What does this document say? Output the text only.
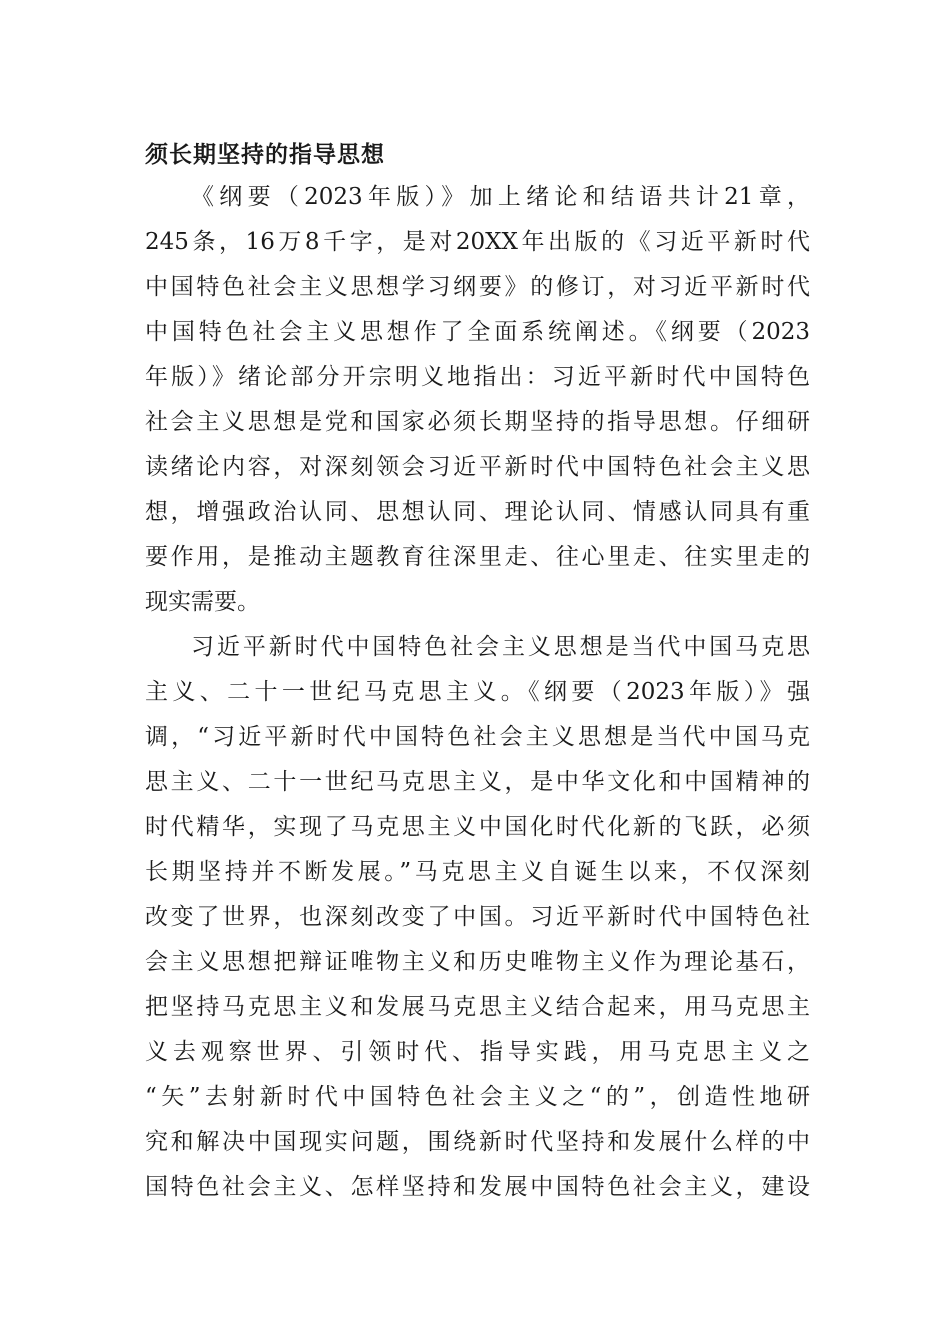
须长期坚持的指导思想
《纲要（2023年版）》加上绪论和结语共计21章，
245条，16万8千字，是对20XX年出版的《习近平新时代
中国特色社会主义思想学习纲要》的修订，对习近平新时代
中国特色社会主义思想作了全面系统阐述。《纲要（2023
年版）》绪论部分开宗明义地指出：习近平新时代中国特色
社会主义思想是党和国家必须长期坚持的指导思想。仔细研
读绪论内容，对深刻领会习近平新时代中国特色社会主义思
想，增强政治认同、思想认同、理论认同、情感认同具有重
要作用，是推动主题教育往深里走、往心里走、往实里走的
现实需要。
习近平新时代中国特色社会主义思想是当代中国马克思
主义、二十一世纪马克思主义。《纲要（2023年版）》强
调，“习近平新时代中国特色社会主义思想是当代中国马克
思主义、二十一世纪马克思主义，是中华文化和中国精神的
时代精华，实现了马克思主义中国化时代化新的飞跃，必须
长期坚持并不断发展。”马克思主义自诞生以来，不仅深刻
改变了世界，也深刻改变了中国。习近平新时代中国特色社
会主义思想把辩证唯物主义和历史唯物主义作为理论基石，
把坚持马克思主义和发展马克思主义结合起来，用马克思主
义去观察世界、引领时代、指导实践，用马克思主义之
“矢”去射新时代中国特色社会主义之“的”，创造性地研
究和解决中国现实问题，围绕新时代坚持和发展什么样的中
国特色社会主义、怎样坚持和发展中国特色社会主义，建设
